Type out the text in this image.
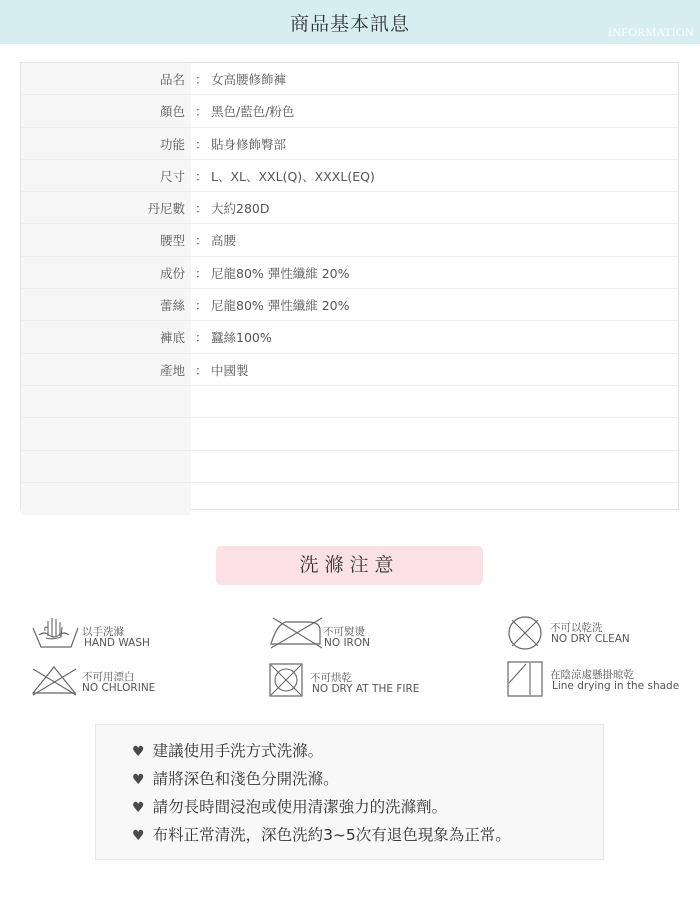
商品基本訊息	INFORMATION
品名 ： 女高腰修飾褲
顏色 ： 黑色/藍色/粉色
功能 ： 貼身修飾臀部
尺寸 ： L、XL、XXL(Q)、XXXL(EQ)
丹尼數 ： 大約280D
腰型 ： 高腰
成份 ： 尼龍80% 彈性纖維 20%
蕾絲 ： 尼龍80% 彈性纖維 20%
褲底 ： 蠶絲100%
產地 ： 中國製
洗滌注意
以手洗滌
HAND WASH
不可熨燙
NO IRON
不可以乾洗
NO DRY CLEAN
不可用漂白
NO CHLORINE
不可烘乾
NO DRY AT THE FIRE
在陰涼處懸掛晾乾
Line drying in the shade
♥ 建議使用手洗方式洗滌。
♥ 請將深色和淺色分開洗滌。
♥ 請勿長時間浸泡或使用清潔強力的洗滌劑。
♥ 布料正常清洗，深色洗約3~5次有退色現象為正常。
